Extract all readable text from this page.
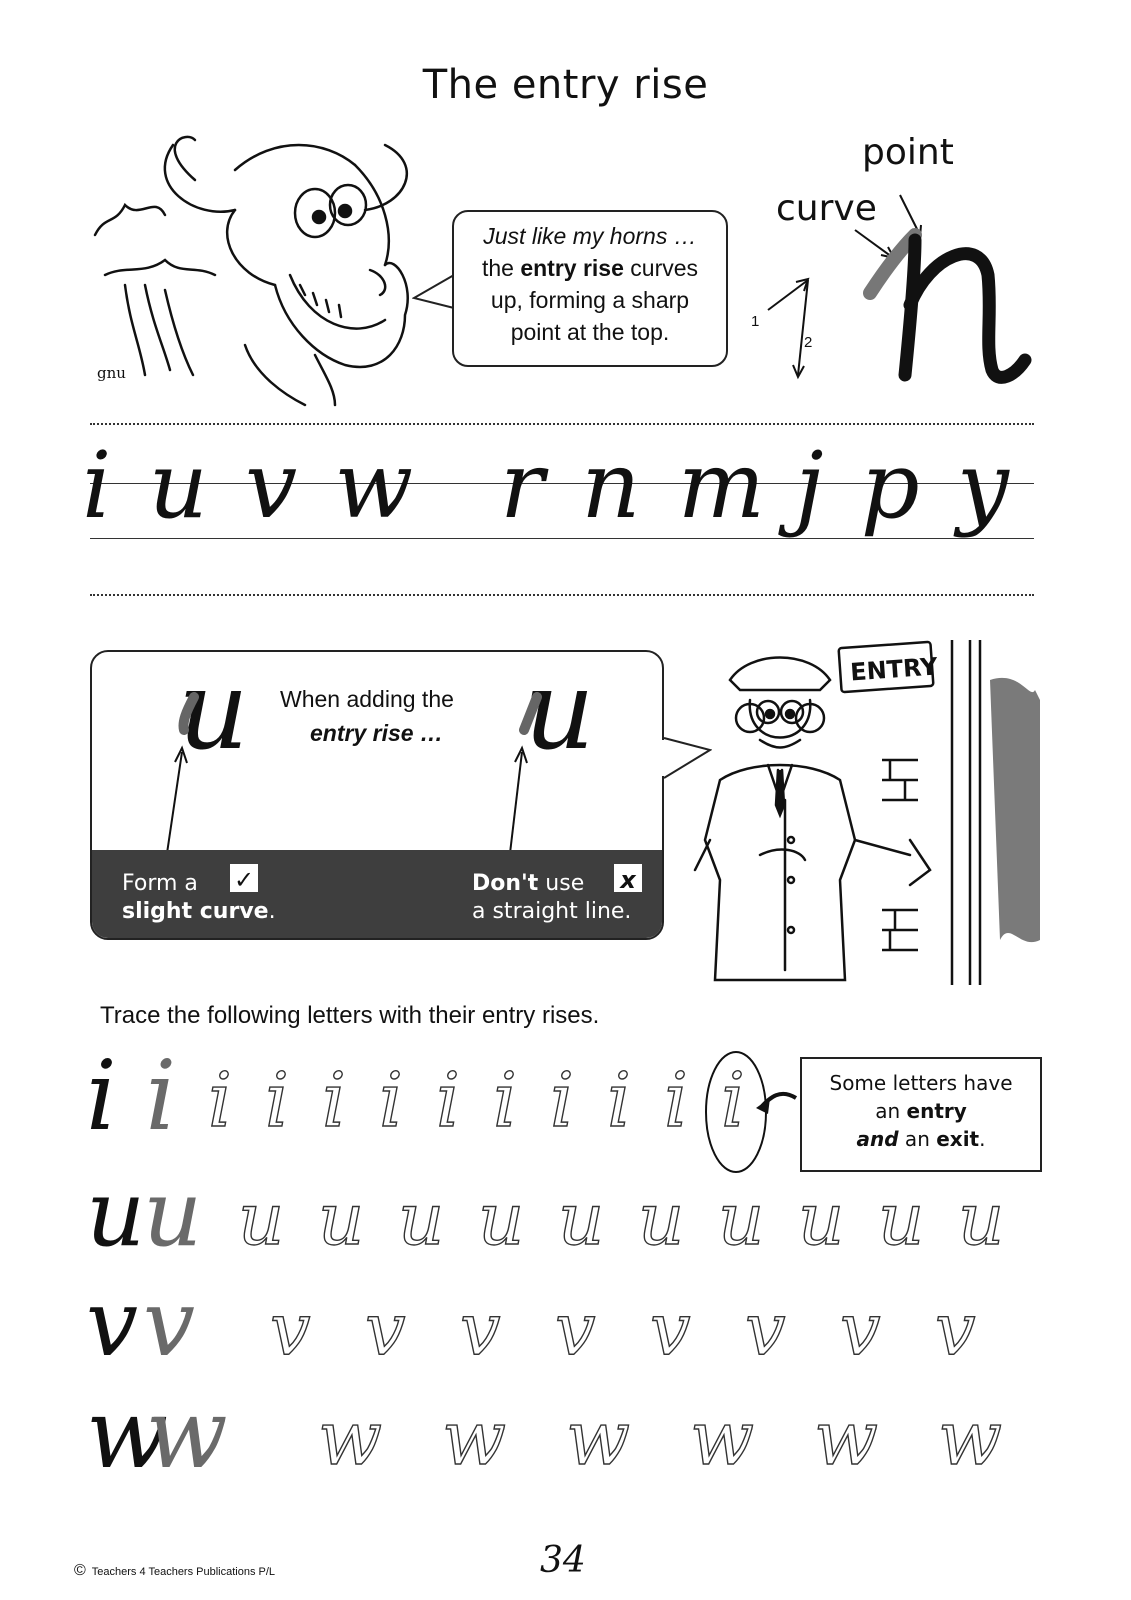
The entry rise
gnu
Just like my horns …
the entry rise curves
up, forming a sharp
point at the top.
point
curve
1
2
i u v w r n m j p y
u When adding the
entry rise … u
Form a
slight curve.
✓	Don't use
a straight line.
x
ENTRY
Trace the following letters with their entry rises.
Some letters have
an entry
and an exit.
i i i i i i i i i i i i
u
u u u u u u u u u u u
v v v v v v v v v v
w
w w w w w w w
© Teachers 4 Teachers Publications P/L	34
